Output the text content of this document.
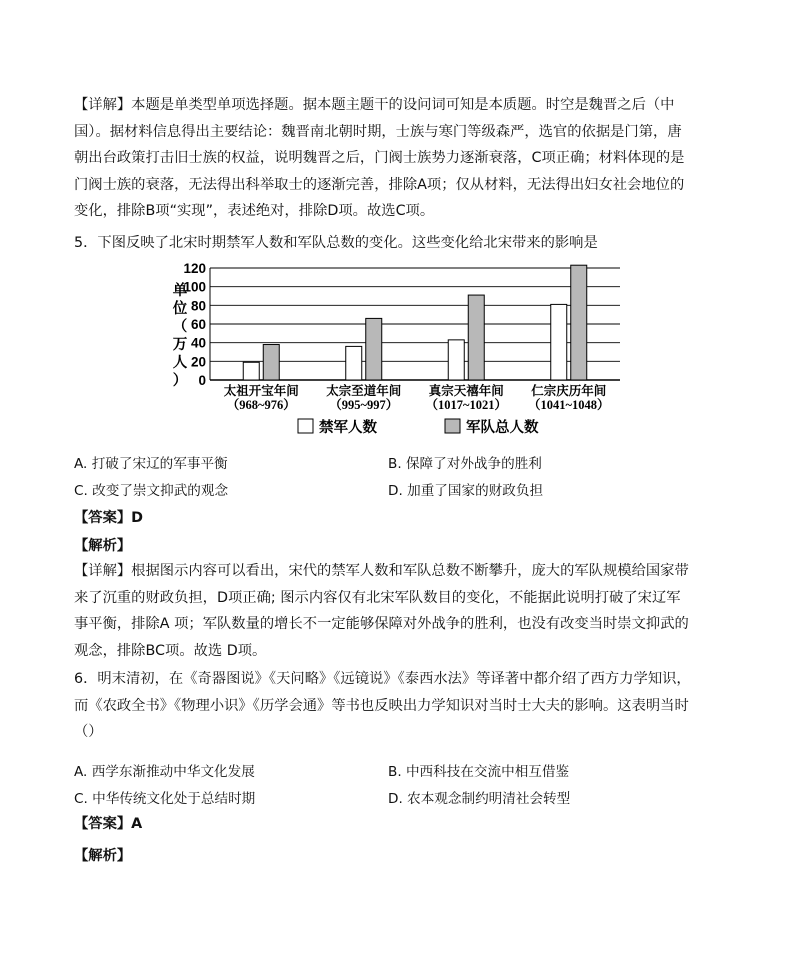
【详解】本题是单类型单项选择题。据本题主题干的设问词可知是本质题。时空是魏晋之后（中国）。据材料信息得出主要结论：魏晋南北朝时期，士族与寒门等级森严，选官的依据是门第，唐朝出台政策打击旧士族的权益，说明魏晋之后，门阀士族势力逐渐衰落，C项正确；材料体现的是门阀士族的衰落，无法得出科举取士的逐渐完善，排除A项；仅从材料，无法得出妇女社会地位的变化，排除B项“实现”，表述绝对，排除D项。故选C项。
5．下图反映了北宋时期禁军人数和军队总数的变化。这些变化给北宋带来的影响是
0
20
40
60
80
100
120
太祖开宝年间
（968~976）
太宗至道年间
（995~997）
真宗天禧年间
（1017~1021）
仁宗庆历年间
（1041~1048）
单位（万人）
禁军人数	军队总人数
A. 打破了宋辽的军事平衡	B. 保障了对外战争的胜利
C. 改变了崇文抑武的观念	D. 加重了国家的财政负担
【答案】D
【解析】
【详解】根据图示内容可以看出，宋代的禁军人数和军队总数不断攀升，庞大的军队规模给国家带来了沉重的财政负担，D项正确; 图示内容仅有北宋军队数目的变化，不能据此说明打破了宋辽军事平衡，排除A 项；军队数量的增长不一定能够保障对外战争的胜利，也没有改变当时崇文抑武的观念，排除BC项。故选 D项。
6．明末清初，在《奇器图说》《天问略》《远镜说》《泰西水法》等译著中都介绍了西方力学知识，而《农政全书》《物理小识》《历学会通》等书也反映出力学知识对当时士大夫的影响。这表明当时（）
A. 西学东渐推动中华文化发展	B. 中西科技在交流中相互借鉴
C. 中华传统文化处于总结时期	D. 农本观念制约明清社会转型
【答案】A
【解析】
